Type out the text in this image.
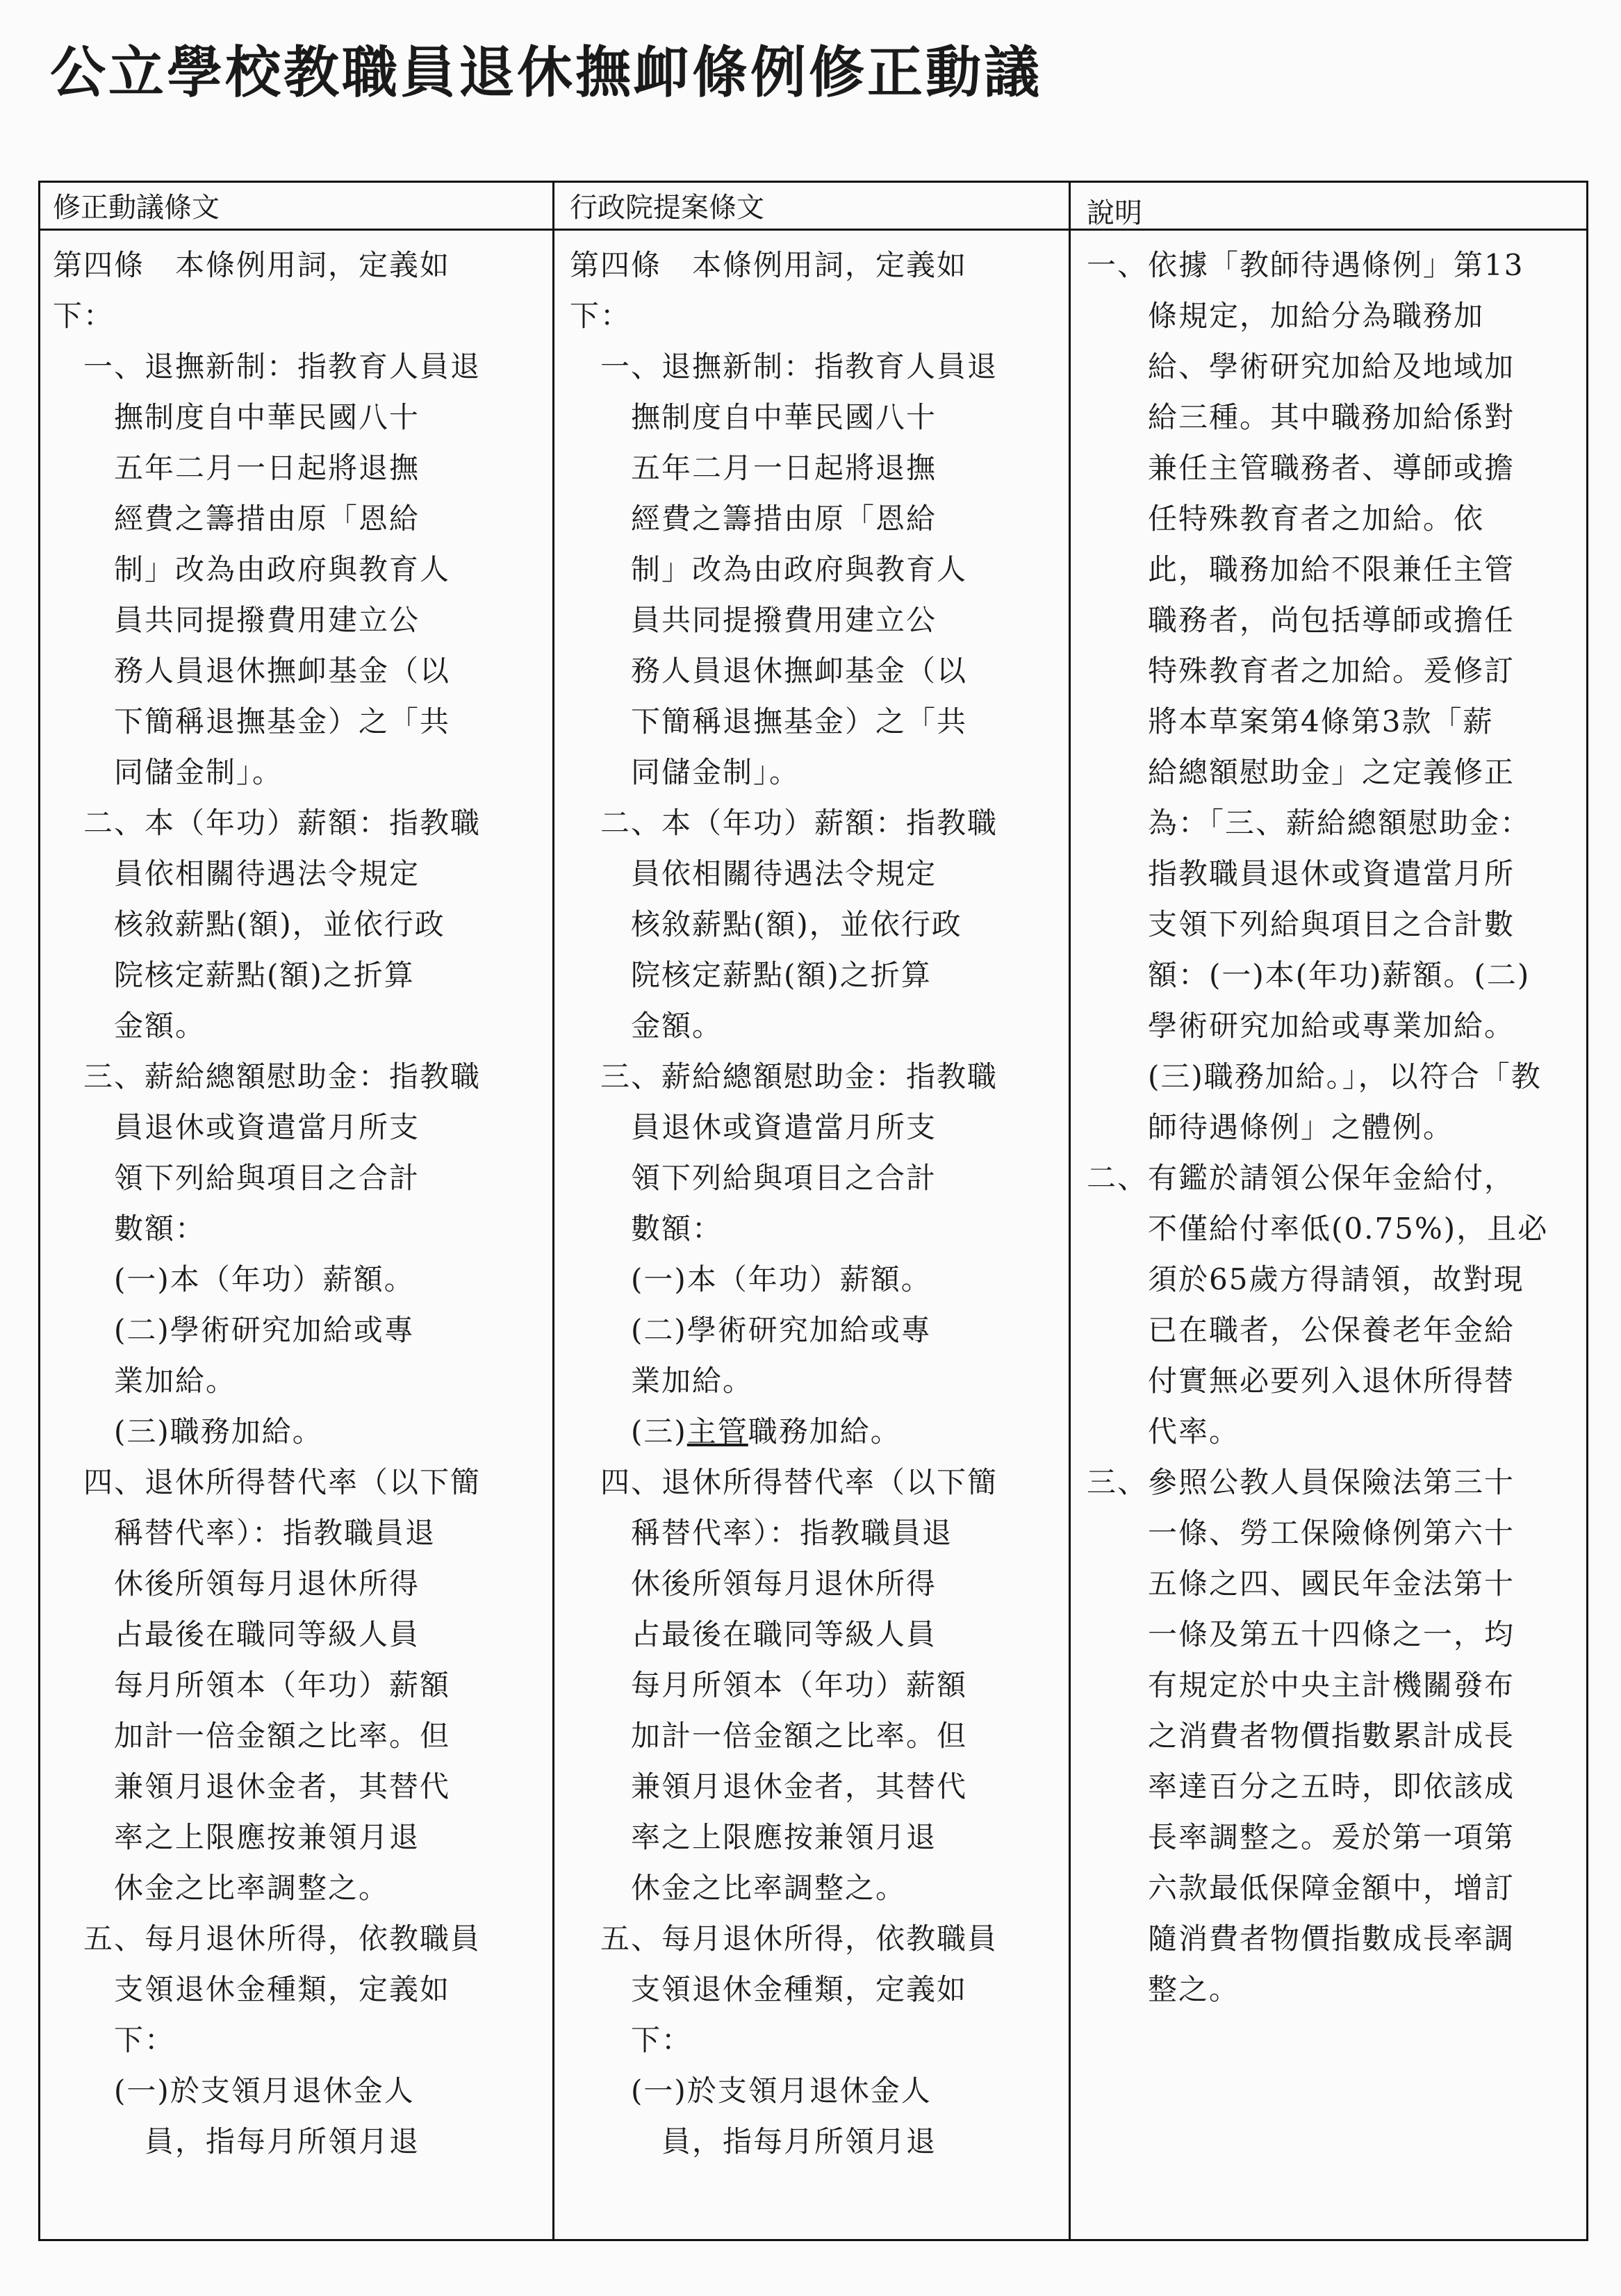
公立學校教職員退休撫卹條例修正動議
修正動議條文	行政院提案條文	說明
第四條　本條例用詞，定義如
下：
　一、退撫新制：指教育人員退
　　撫制度自中華民國八十
　　五年二月一日起將退撫
　　經費之籌措由原「恩給
　　制」改為由政府與教育人
　　員共同提撥費用建立公
　　務人員退休撫卹基金（以
　　下簡稱退撫基金）之「共
　　同儲金制」。
　二、本（年功）薪額：指教職
　　員依相關待遇法令規定
　　核敘薪點(額)，並依行政
　　院核定薪點(額)之折算
　　金額。
　三、薪給總額慰助金：指教職
　　員退休或資遣當月所支
　　領下列給與項目之合計
　　數額：
　　(一)本（年功）薪額。
　　(二)學術研究加給或專
　　業加給。
　　(三)職務加給。
　四、退休所得替代率（以下簡
　　稱替代率）：指教職員退
　　休後所領每月退休所得
　　占最後在職同等級人員
　　每月所領本（年功）薪額
　　加計一倍金額之比率。但
　　兼領月退休金者，其替代
　　率之上限應按兼領月退
　　休金之比率調整之。
　五、每月退休所得，依教職員
　　支領退休金種類，定義如
　　下：
　　(一)於支領月退休金人
　　　員，指每月所領月退
第四條　本條例用詞，定義如
下：
　一、退撫新制：指教育人員退
　　撫制度自中華民國八十
　　五年二月一日起將退撫
　　經費之籌措由原「恩給
　　制」改為由政府與教育人
　　員共同提撥費用建立公
　　務人員退休撫卹基金（以
　　下簡稱退撫基金）之「共
　　同儲金制」。
　二、本（年功）薪額：指教職
　　員依相關待遇法令規定
　　核敘薪點(額)，並依行政
　　院核定薪點(額)之折算
　　金額。
　三、薪給總額慰助金：指教職
　　員退休或資遣當月所支
　　領下列給與項目之合計
　　數額：
　　(一)本（年功）薪額。
　　(二)學術研究加給或專
　　業加給。
　　(三)主管職務加給。
　四、退休所得替代率（以下簡
　　稱替代率）：指教職員退
　　休後所領每月退休所得
　　占最後在職同等級人員
　　每月所領本（年功）薪額
　　加計一倍金額之比率。但
　　兼領月退休金者，其替代
　　率之上限應按兼領月退
　　休金之比率調整之。
　五、每月退休所得，依教職員
　　支領退休金種類，定義如
　　下：
　　(一)於支領月退休金人
　　　員，指每月所領月退
一、依據「教師待遇條例」第13
　　條規定，加給分為職務加
　　給、學術研究加給及地域加
　　給三種。其中職務加給係對
　　兼任主管職務者、導師或擔
　　任特殊教育者之加給。依
　　此，職務加給不限兼任主管
　　職務者，尚包括導師或擔任
　　特殊教育者之加給。爰修訂
　　將本草案第4條第3款「薪
　　給總額慰助金」之定義修正
　　為：「三、薪給總額慰助金：
　　指教職員退休或資遣當月所
　　支領下列給與項目之合計數
　　額：(一)本(年功)薪額。(二)
　　學術研究加給或專業加給。
　　(三)職務加給。」，以符合「教
　　師待遇條例」之體例。
二、有鑑於請領公保年金給付，
　　不僅給付率低(0.75%)，且必
　　須於65歲方得請領，故對現
　　已在職者，公保養老年金給
　　付實無必要列入退休所得替
　　代率。
三、參照公教人員保險法第三十
　　一條、勞工保險條例第六十
　　五條之四、國民年金法第十
　　一條及第五十四條之一，均
　　有規定於中央主計機關發布
　　之消費者物價指數累計成長
　　率達百分之五時，即依該成
　　長率調整之。爰於第一項第
　　六款最低保障金額中，增訂
　　隨消費者物價指數成長率調
　　整之。
